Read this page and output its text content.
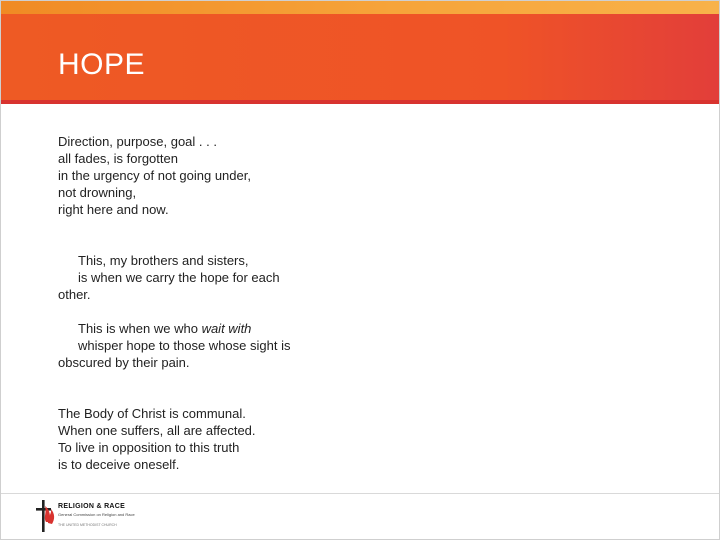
HOPE
Direction, purpose, goal . . .
all fades, is forgotten
in the urgency of not going under,
not drowning,
right here and now.
This, my brothers and sisters,
is when we carry the hope for each
other.
This is when we who wait with
whisper hope to those whose sight is
obscured by their pain.
The Body of Christ is communal.
When one suffers, all are affected.
To live in opposition to this truth
is to deceive oneself.
RELIGION & RACE
General Commission on Religion and Race
THE UNITED METHODIST CHURCH
